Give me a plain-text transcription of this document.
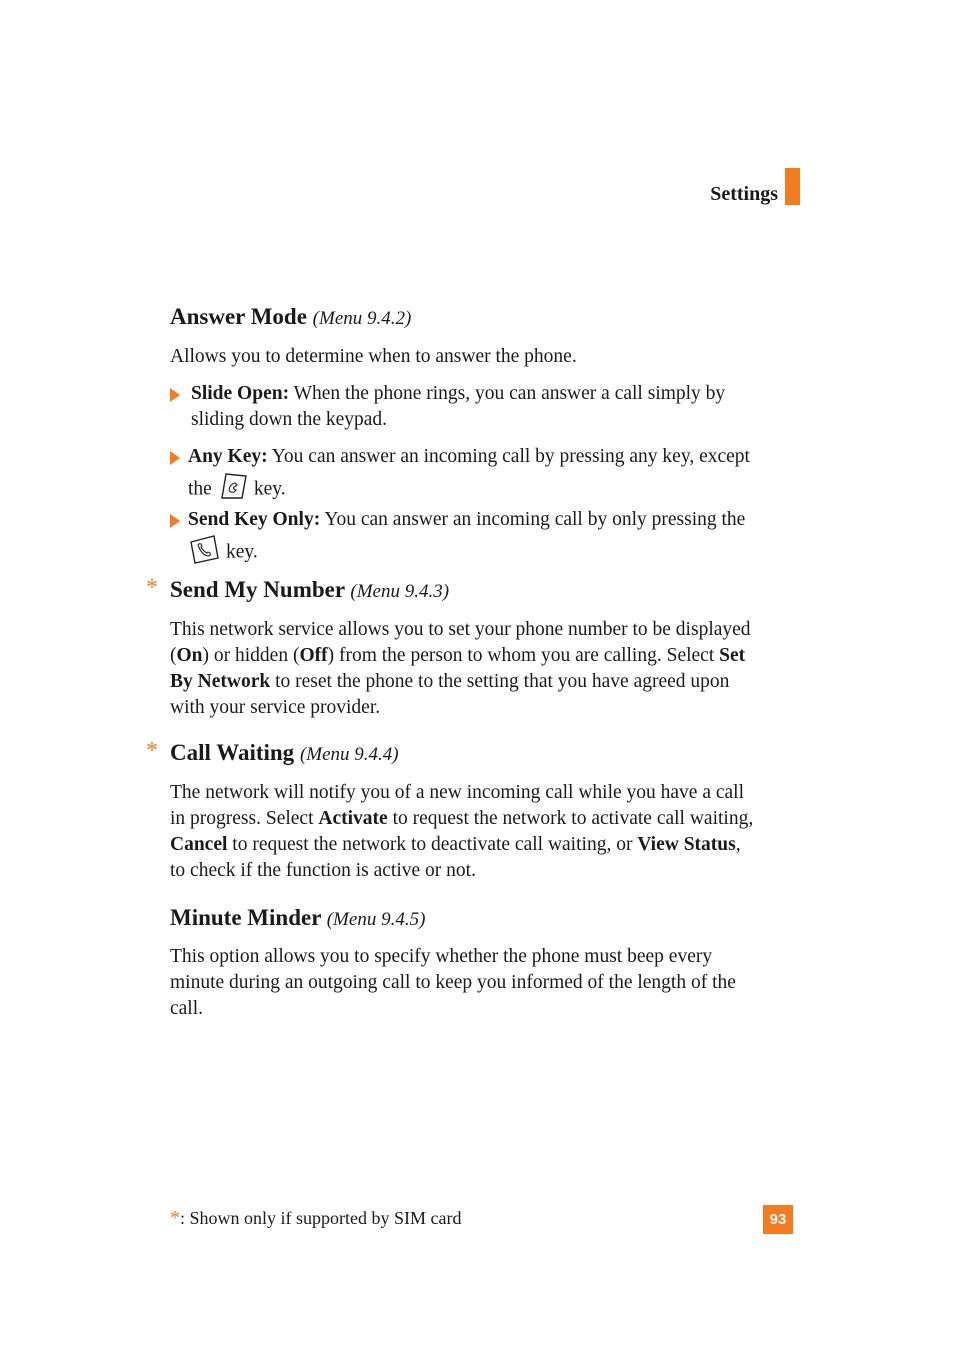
Settings
Answer Mode (Menu 9.4.2)
Allows you to determine when to answer the phone.
Slide Open: When the phone rings, you can answer a call simply by
sliding down the keypad.
Any Key: You can answer an incoming call by pressing any key, except
the key.
Send Key Only: You can answer an incoming call by only pressing the
key.
* Send My Number (Menu 9.4.3)
This network service allows you to set your phone number to be displayed
(On) or hidden (Off) from the person to whom you are calling. Select Set
By Network to reset the phone to the setting that you have agreed upon
with your service provider.
* Call Waiting (Menu 9.4.4)
The network will notify you of a new incoming call while you have a call
in progress. Select Activate to request the network to activate call waiting,
Cancel to request the network to deactivate call waiting, or View Status,
to check if the function is active or not.
Minute Minder (Menu 9.4.5)
This option allows you to specify whether the phone must beep every
minute during an outgoing call to keep you informed of the length of the
call.
*: Shown only if supported by SIM card	93
